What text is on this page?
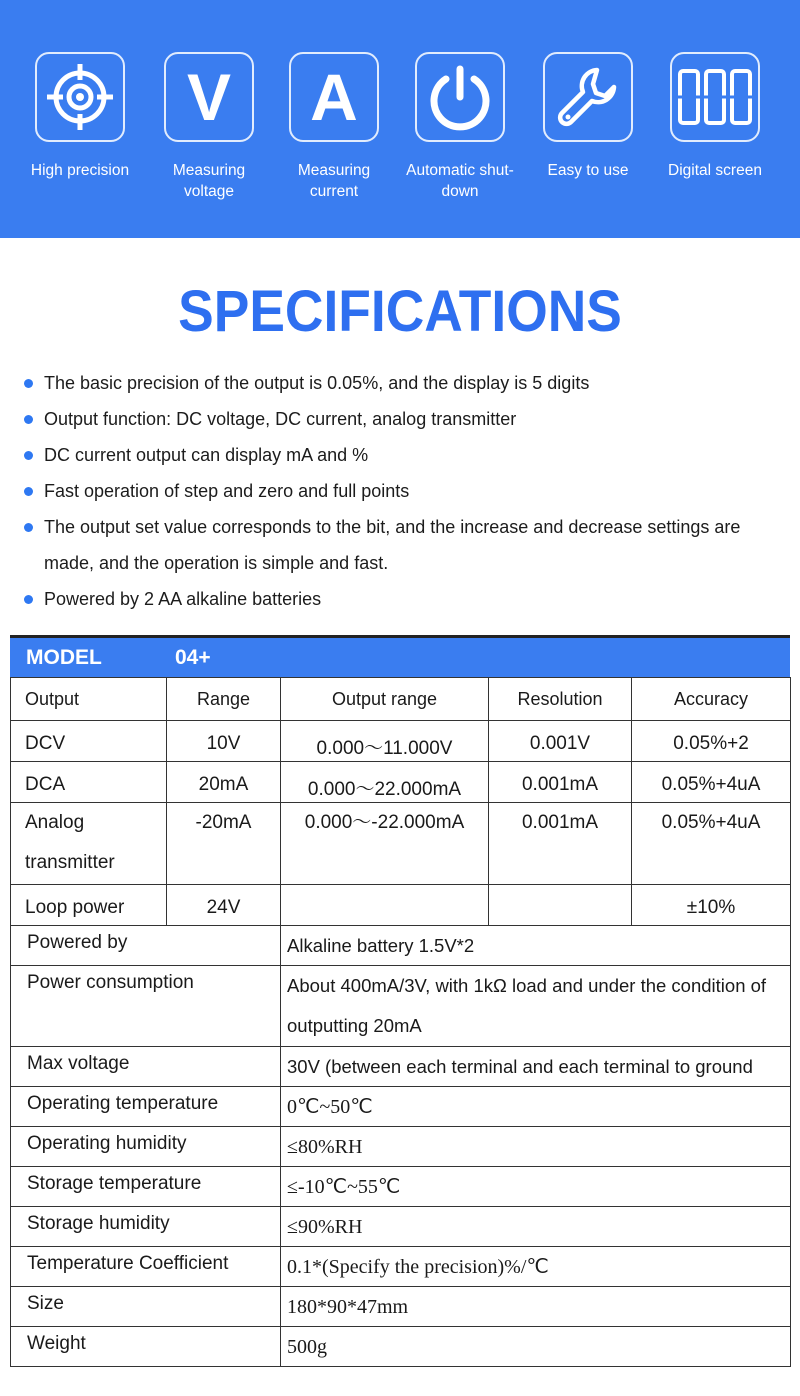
High precision
V
Measuring voltage
A
Measuring current
Automatic shut-down
Easy to use	Digital screen
SPECIFICATIONS
The basic precision of the output is 0.05%, and the display is 5 digits
Output function: DC voltage, DC current, analog transmitter
DC current output can display mA and %
Fast operation of step and zero and full points
The output set value corresponds to the bit, and the increase and decrease settings are made, and the operation is simple and fast.
Powered by 2 AA alkaline batteries
MODEL	04+
Output	Range	Output range	Resolution	Accuracy
DCV	10V	0.000～11.000V	0.001V	0.05%+2
DCA	20mA	0.000～22.000mA	0.001mA	0.05%+4uA
Analog transmitter	-20mA	0.000～-22.000mA	0.001mA	0.05%+4uA
Loop power	24V			±10%
Powered by	Alkaline battery 1.5V*2
Power consumption	About 400mA/3V, with 1kΩ load and under the condition of outputting 20mA
Max voltage	30V (between each terminal and each terminal to ground
Operating temperature	0℃~50℃
Operating humidity	≤80%RH
Storage temperature	≤-10℃~55℃
Storage humidity	≤90%RH
Temperature Coefficient	0.1*(Specify the precision)%/℃
Size	180*90*47mm
Weight	500g
